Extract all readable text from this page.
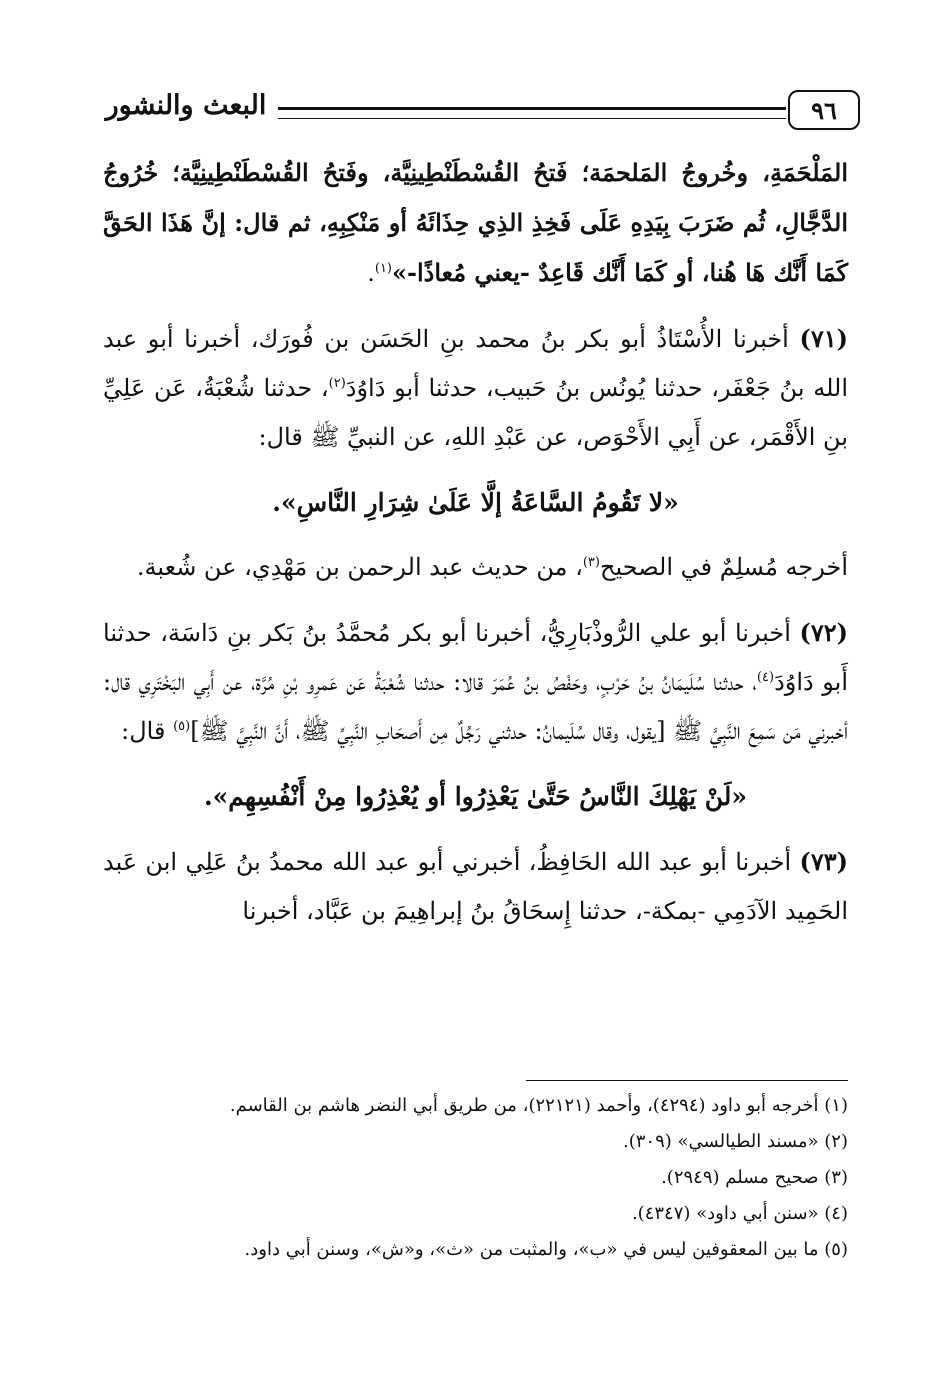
٩٦
البعث والنشور

المَلْحَمَةِ، وخُروجُ المَلحمَة؛ فَتحُ القُسْطَنْطِينِيَّة، وفَتحُ القُسْطَنْطِينِيَّة؛ خُرُوجُ الدَّجَّالِ، ثُم ضَرَبَ بِيَدِهِ عَلَى فَخِذِ الذِي حِذَائَهُ أو مَنْكِبِهِ، ثم قال: إنَّ هَذَا الحَقَّ كَمَا أَنَّك هَا هُنا، أو كَمَا أَنَّك قَاعِدٌ -يعني مُعاذًا-»$^{(١)}$.

(٧١) أخبرنا الأُسْتَاذُ أبو بكر بنُ محمد بنِ الحَسَن بن فُورَك، أخبرنا أبو عبد الله بنُ جَعْفَر، حدثنا يُونُس بنُ حَبيب، حدثنا أبو دَاوُدَ$^{(٢)}$، حدثنا شُعْبَةُ، عَن عَلِيِّ بنِ الأَقْمَر، عن أَبِي الأَحْوَص، عن عَبْدِ اللهِ، عن النبيِّ ﷺ قال:

«لا تَقُومُ السَّاعَةُ إلَّا عَلَىٰ شِرَارِ النَّاسِ».

أخرجه مُسلِمٌ في الصحيح$^{(٣)}$، من حديث عبد الرحمن بن مَهْدِي، عن شُعبة.

(٧٢) أخبرنا أبو علي الرُّوذْبَارِيُّ، أخبرنا أبو بكر مُحمَّدُ بنُ بَكر بنِ دَاسَة، حدثنا أَبو دَاوُدَ$^{(٤)}$، حدثنا سُلَيمَانُ بنُ حَرْبٍ، وحَفْصُ بنُ عُمَرَ قالا: حدثنا شُعْبَةُ عَن عَمرِو بْنِ مُرَّة، عن أَبِي البَخْتَرِي قال: أخبرني مَن سَمِعَ النَّبِيَّ ﷺ [يقول، وقال سُلَيمانُ: حدثني رَجُلٌ مِن أَصحَابِ النَّبِيِّ ﷺ، أَنَّ النَّبِيَّ ﷺ]$^{(٥)}$ قال:

«لَنْ يَهْلِكَ النَّاسُ حَتَّىٰ يَعْذِرُوا أو يُعْذِرُوا مِنْ أَنْفُسِهِم».

(٧٣) أخبرنا أبو عبد الله الحَافِظُ، أخبرني أبو عبد الله محمدُ بنُ عَلِي ابن عَبد الحَمِيد الآدَمِي -بمكة-، حدثنا إِسحَاقُ بنُ إبراهِيمَ بن عَبَّاد، أخبرنا

(١) أخرجه أبو داود (٤٢٩٤)، وأحمد (٢٢١٢١)، من طريق أبي النضر هاشم بن القاسم.
(٢) «مسند الطيالسي» (٣٠٩).
(٣) صحيح مسلم (٢٩٤٩).
(٤) «سنن أبي داود» (٤٣٤٧).
(٥) ما بين المعقوفين ليس في «ب»، والمثبت من «ث»، و«ش»، وسنن أبي داود.
